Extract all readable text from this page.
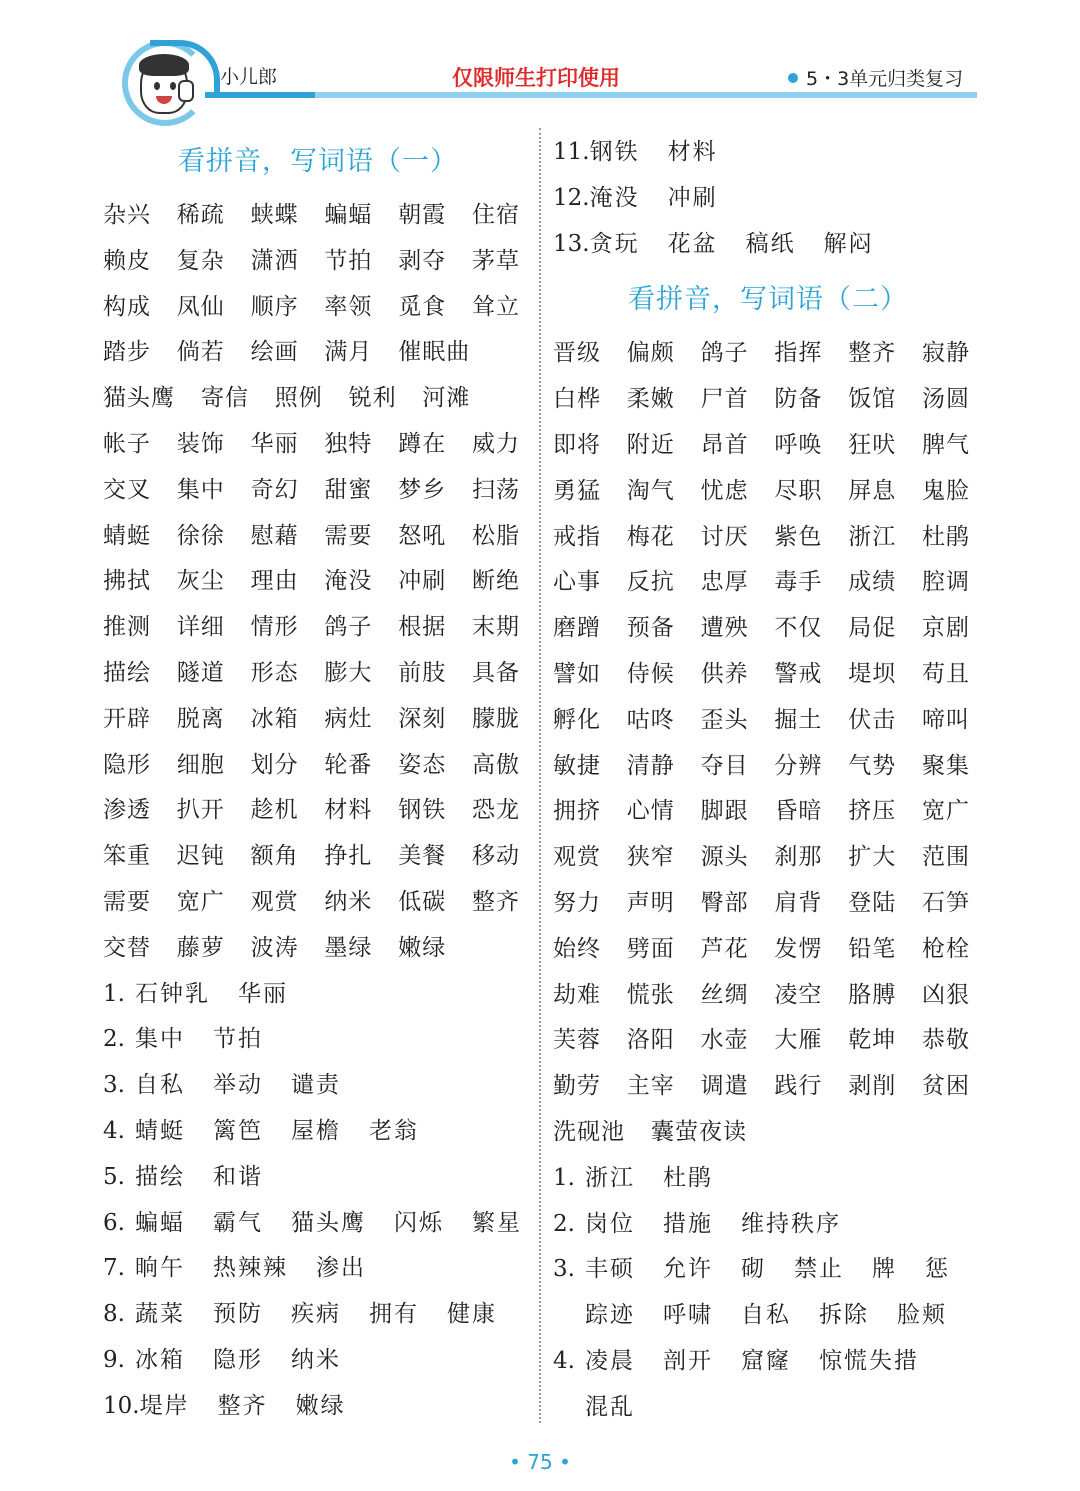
小儿郎	仅限师生打印使用	5・3单元归类复习
看拼音，写词语（一）
杂兴	稀疏	蛱蝶	蝙蝠	朝霞	住宿
赖皮	复杂	潇洒	节拍	剥夺	茅草
构成	凤仙	顺序	率领	觅食	耸立
踏步	倘若	绘画	满月	催眠曲
猫头鹰	寄信	照例	锐利	河滩
帐子	装饰	华丽	独特	蹲在	威力
交叉	集中	奇幻	甜蜜	梦乡	扫荡
蜻蜓	徐徐	慰藉	需要	怒吼	松脂
拂拭	灰尘	理由	淹没	冲刷	断绝
推测	详细	情形	鸽子	根据	末期
描绘	隧道	形态	膨大	前肢	具备
开辟	脱离	冰箱	病灶	深刻	朦胧
隐形	细胞	划分	轮番	姿态	高傲
渗透	扒开	趁机	材料	钢铁	恐龙
笨重	迟钝	额角	挣扎	美餐	移动
需要	宽广	观赏	纳米	低碳	整齐
交替	藤萝	波涛	墨绿	嫩绿
1. 石钟乳 华丽
2. 集中 节拍
3. 自私 举动 谴责
4. 蜻蜓 篱笆 屋檐 老翁
5. 描绘 和谐
6. 蝙蝠 霸气 猫头鹰 闪烁 繁星
7. 晌午 热辣辣 渗出
8. 蔬菜 预防 疾病 拥有 健康
9. 冰箱 隐形 纳米
10. 堤岸 整齐 嫩绿
11. 钢铁 材料
12. 淹没 冲刷
13. 贪玩 花盆 稿纸 解闷
看拼音，写词语（二）
晋级	偏颇	鸽子	指挥	整齐	寂静
白桦	柔嫩	尸首	防备	饭馆	汤圆
即将	附近	昂首	呼唤	狂吠	脾气
勇猛	淘气	忧虑	尽职	屏息	鬼脸
戒指	梅花	讨厌	紫色	浙江	杜鹃
心事	反抗	忠厚	毒手	成绩	腔调
磨蹭	预备	遭殃	不仅	局促	京剧
譬如	侍候	供养	警戒	堤坝	苟且
孵化	咕咚	歪头	掘土	伏击	啼叫
敏捷	清静	夺目	分辨	气势	聚集
拥挤	心情	脚跟	昏暗	挤压	宽广
观赏	狭窄	源头	刹那	扩大	范围
努力	声明	臀部	肩背	登陆	石笋
始终	劈面	芦花	发愣	铅笔	枪栓
劫难	慌张	丝绸	凌空	胳膊	凶狠
芙蓉	洛阳	水壶	大雁	乾坤	恭敬
勤劳	主宰	调遣	践行	剥削	贫困
洗砚池	囊萤夜读
1. 浙江 杜鹃
2. 岗位 措施 维持秩序
3. 丰硕 允许 砌 禁止 牌 惩
踪迹 呼啸 自私 拆除 脸颊
4. 凌晨 剖开 窟窿 惊慌失措
混乱
• 75 •
